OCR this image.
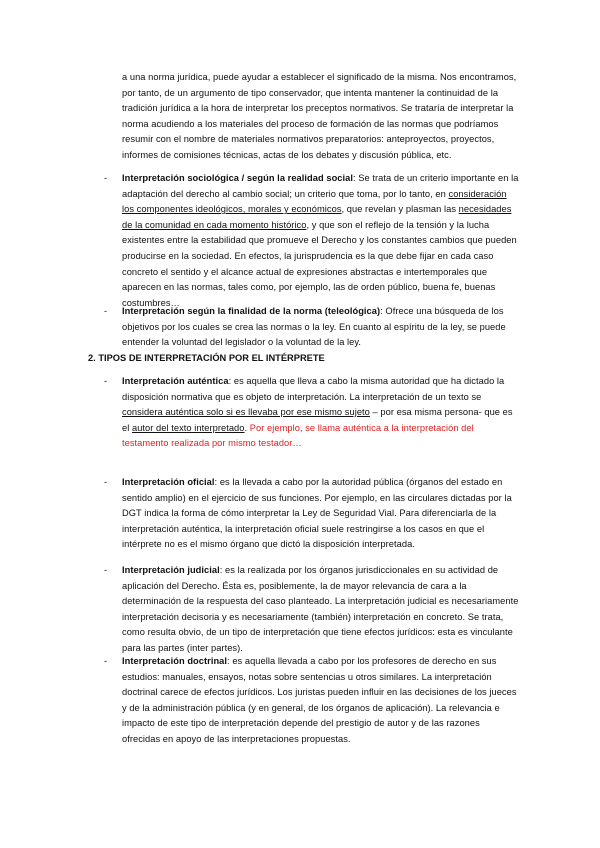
a una norma jurídica, puede ayudar a establecer el significado de la misma. Nos encontramos, por tanto, de un argumento de tipo conservador, que intenta mantener la continuidad de la tradición jurídica a la hora de interpretar los preceptos normativos. Se trataría de interpretar la norma acudiendo a los materiales del proceso de formación de las normas que podríamos resumir con el nombre de materiales normativos preparatorios: anteproyectos, proyectos, informes de comisiones técnicas, actas de los debates y discusión pública, etc.
-	Interpretación sociológica / según la realidad social: Se trata de un criterio importante en la adaptación del derecho al cambio social; un criterio que toma, por lo tanto, en consideración los componentes ideológicos, morales y económicos, que revelan y plasman las necesidades de la comunidad en cada momento histórico, y que son el reflejo de la tensión y la lucha existentes entre la estabilidad que promueve el Derecho y los constantes cambios que pueden producirse en la sociedad. En efectos, la jurisprudencia es la que debe fijar en cada caso concreto el sentido y el alcance actual de expresiones abstractas e intertemporales que aparecen en las normas, tales como, por ejemplo, las de orden público, buena fe, buenas costumbres…
-	Interpretación según la finalidad de la norma (teleológica): Ofrece una búsqueda de los objetivos por los cuales se crea las normas o la ley. En cuanto al espíritu de la ley, se puede entender la voluntad del legislador o la voluntad de la ley.
2. TIPOS DE INTERPRETACIÓN POR EL INTÉRPRETE
-	Interpretación auténtica: es aquella que lleva a cabo la misma autoridad que ha dictado la disposición normativa que es objeto de interpretación. La interpretación de un texto se considera auténtica solo si es llevaba por ese mismo sujeto – por esa misma persona- que es el autor del texto interpretado. Por ejemplo, se llama auténtica a la interpretación del testamento realizada por mismo testador…
-	Interpretación oficial: es la llevada a cabo por la autoridad pública (órganos del estado en sentido amplio) en el ejercicio de sus funciones. Por ejemplo, en las circulares dictadas por la DGT indica la forma de cómo interpretar la Ley de Seguridad Vial. Para diferenciarla de la interpretación auténtica, la interpretación oficial suele restringirse a los casos en que el intérprete no es el mismo órgano que dictó la disposición interpretada.
-	Interpretación judicial: es la realizada por los órganos jurisdiccionales en su actividad de aplicación del Derecho. Ésta es, posiblemente, la de mayor relevancia de cara a la determinación de la respuesta del caso planteado. La interpretación judicial es necesariamente interpretación decisoria y es necesariamente (también) interpretación en concreto. Se trata, como resulta obvio, de un tipo de interpretación que tiene efectos jurídicos: esta es vinculante para las partes (inter partes).
-	Interpretación doctrinal: es aquella llevada a cabo por los profesores de derecho en sus estudios: manuales, ensayos, notas sobre sentencias u otros similares. La interpretación doctrinal carece de efectos jurídicos. Los juristas pueden influir en las decisiones de los jueces y de la administración pública (y en general, de los órganos de aplicación). La relevancia e impacto de este tipo de interpretación depende del prestigio de autor y de las razones ofrecidas en apoyo de las interpretaciones propuestas.
